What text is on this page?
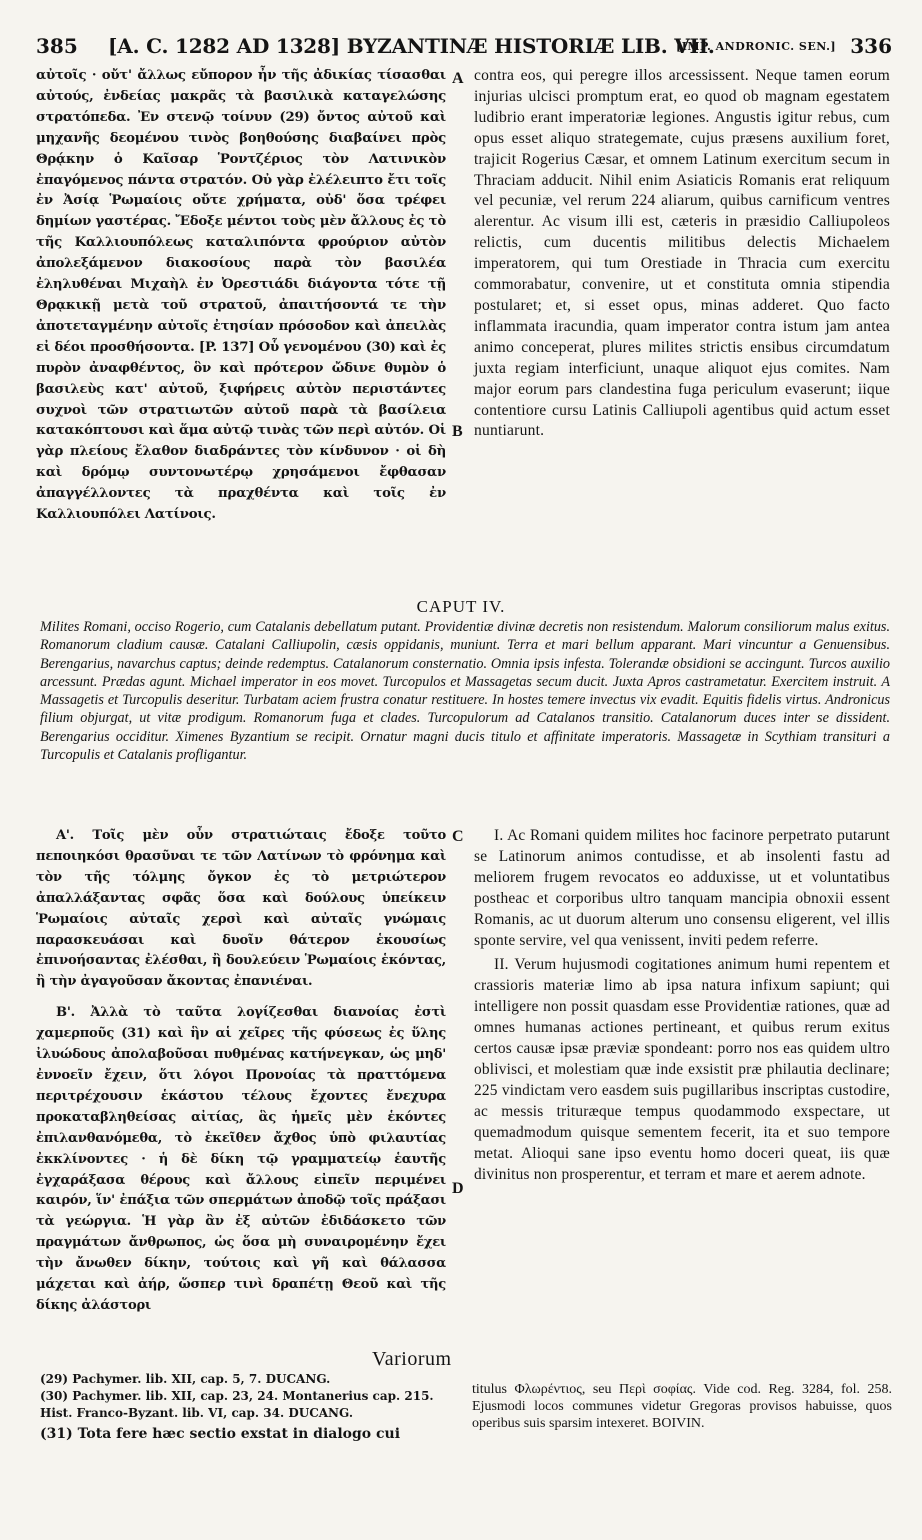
385 [A. C. 1282 AD 1328] BYZANTINÆ HISTORIÆ LIB. VII.
[IMP. ANDRONIC. SEN.] 336

αὐτοῖς · οὔτ' ἄλλως εὔπορον ἦν τῆς ἀδικίας τίσασθαι αὐτούς, ἐνδείας μακρᾶς τὰ βασιλικὰ καταγελώσης στρατόπεδα. Ἐν στενῷ τοίνυν (29) ὄντος αὐτοῦ καὶ μηχανῆς δεομένου τινὸς βοηθούσης διαβαίνει πρὸς Θρᾴκην ὁ Καῖσαρ Ῥοντζέριος τὸν Λατινικὸν ἐπαγόμενος πάντα στρατόν. Οὐ γὰρ ἐλέλειπτο ἔτι τοῖς ἐν Ἀσίᾳ Ῥωμαίοις οὔτε χρήματα, οὐδ' ὅσα τρέφει δημίων γαστέρας. Ἔδοξε μέντοι τοὺς μὲν ἄλλους ἐς τὸ τῆς Καλλιουπόλεως καταλιπόντα φρούριον αὐτὸν ἀπολεξάμενον διακοσίους παρὰ τὸν βασιλέα ἐληλυθέναι Μιχαὴλ ἐν Ὀρεστιάδι διάγοντα τότε τῇ Θρᾳκικῇ μετὰ τοῦ στρατοῦ, ἀπαιτήσοντά τε τὴν ἀποτεταγμένην αὐτοῖς ἐτησίαν πρόσοδον καὶ ἀπειλὰς εἰ δέοι προσθήσοντα. [P. 137] Οὗ γενομένου (30) καὶ ἐς πυρὸν ἀναφθέντος, ὃν καὶ πρότερον ὤδινε θυμὸν ὁ βασιλεὺς κατ' αὐτοῦ, ξιφήρεις αὐτὸν περιστάντες συχνοὶ τῶν στρατιωτῶν αὐτοῦ παρὰ τὰ βασίλεια κατακόπτουσι καὶ ἅμα αὐτῷ τινὰς τῶν περὶ αὐτόν. Οἱ γὰρ πλείους ἔλαθον διαδράντες τὸν κίνδυνον · οἱ δὴ καὶ δρόμῳ συντονωτέρῳ χρησάμενοι ἔφθασαν ἀπαγγέλλοντες τὰ πραχθέντα καὶ τοῖς ἐν Καλλιουπόλει Λατίνοις.

A
B

contra eos, qui peregre illos arcessissent. Neque tamen eorum injurias ulcisci promptum erat, eo quod ob magnam egestatem ludibrio erant imperatoriæ legiones. Angustis igitur rebus, cum opus esset aliquo strategemate, cujus præsens auxilium foret, trajicit Rogerius Cæsar, et omnem Latinum exercitum secum in Thraciam adducit. Nihil enim Asiaticis Romanis erat reliquum vel pecuniæ, vel rerum 224 aliarum, quibus carnificum ventres alerentur. Ac visum illi est, cæteris in præsidio Calliupoleos relictis, cum ducentis militibus delectis Michaelem imperatorem, qui tum Orestiade in Thracia cum exercitu commorabatur, convenire, ut et constituta omnia stipendia postularet; et, si esset opus, minas adderet. Quo facto inflammata iracundia, quam imperator contra istum jam antea animo conceperat, plures milites strictis ensibus circumdatum juxta regiam interficiunt, unaque aliquot ejus comites. Nam major eorum pars clandestina fuga periculum evaserunt; iique contentiore cursu Latinis Calliupoli agentibus quid actum esset nuntiarunt.

CAPUT IV.
Milites Romani, occiso Rogerio, cum Catalanis debellatum putant. Providentiæ divinæ decretis non resistendum. Malorum consiliorum malus exitus. Romanorum cladium causæ. Catalani Calliupolin, cæsis oppidanis, muniunt. Terra et mari bellum apparant. Mari vincuntur a Genuensibus. Berengarius, navarchus captus; deinde redemptus. Catalanorum consternatio. Omnia ipsis infesta. Tolerandæ obsidioni se accingunt. Turcos auxilio arcessunt. Prædas agunt. Michael imperator in eos movet. Turcopulos et Massagetas secum ducit. Juxta Apros castrametatur. Exercitem instruit. A Massagetis et Turcopulis deseritur. Turbatam aciem frustra conatur restituere. In hostes temere invectus vix evadit. Equitis fidelis virtus. Andronicus filium objurgat, ut vitæ prodigum. Romanorum fuga et clades. Turcopulorum ad Catalanos transitio. Catalanorum duces inter se dissident. Berengarius occiditur. Ximenes Byzantium se recipit. Ornatur magni ducis titulo et affinitate imperatoris. Massagetæ in Scythiam transituri a Turcopulis et Catalanis profligantur.

Α'. Τοῖς μὲν οὖν στρατιώταις ἔδοξε τοῦτο πεποιηκόσι θρασῦναι τε τῶν Λατίνων τὸ φρόνημα καὶ τὸν τῆς τόλμης ὄγκον ἐς τὸ μετριώτερον ἀπαλλάξαντας σφᾶς ὅσα καὶ δούλους ὑπείκειν Ῥωμαίοις αὐταῖς χερσὶ καὶ αὐταῖς γνώμαις παρασκευάσαι καὶ δυοῖν θάτερον ἑκουσίως ἐπινοήσαντας ἐλέσθαι, ἢ δουλεύειν Ῥωμαίοις ἑκόντας, ἢ τὴν ἀγαγοῦσαν ἄκοντας ἐπανιέναι.

Β'. Ἀλλὰ τὸ ταῦτα λογίζεσθαι διανοίας ἐστὶ χαμερποῦς (31) καὶ ἣν αἱ χεῖρες τῆς φύσεως ἐς ὕλης ἰλυώδους ἀπολαβοῦσαι πυθμένας κατήνεγκαν, ὡς μηδ' ἐννοεῖν ἔχειν, ὅτι λόγοι Προνοίας τὰ πραττόμενα περιτρέχουσιν ἑκάστου τέλους ἔχοντες ἔνεχυρα προκαταβληθείσας αἰτίας, ἃς ἡμεῖς μὲν ἑκόντες ἐπιλανθανόμεθα, τὸ ἐκεῖθεν ἄχθος ὑπὸ φιλαυτίας ἐκκλίνοντες · ἡ δὲ δίκη τῷ γραμματείῳ ἑαυτῆς ἐγχαράξασα θέρους καὶ ἄλλους εἰπεῖν περιμένει καιρόν, ἵν' ἐπάξια τῶν σπερμάτων ἀποδῷ τοῖς πράξασι τὰ γεώργια. Ἡ γὰρ ἂν ἐξ αὐτῶν ἐδιδάσκετο τῶν πραγμάτων ἄνθρωπος, ὡς ὅσα μὴ συναιρομένην ἔχει τὴν ἄνωθεν δίκην, τούτοις καὶ γῆ καὶ θάλασσα μάχεται καὶ ἀήρ, ὥσπερ τινὶ δραπέτῃ Θεοῦ καὶ τῆς δίκης ἀλάστορι

C
D

I. Ac Romani quidem milites hoc facinore perpetrato putarunt se Latinorum animos contudisse, et ab insolenti fastu ad meliorem frugem revocatos eo adduxisse, ut et voluntatibus postheac et corporibus ultro tanquam mancipia obnoxii essent Romanis, ac ut duorum alterum uno consensu eligerent, vel illis sponte servire, vel qua venissent, inviti pedem referre.

II. Verum hujusmodi cogitationes animum humi repentem et crassioris materiæ limo ab ipsa natura infixum sapiunt; qui intelligere non possit quasdam esse Providentiæ rationes, quæ ad omnes humanas actiones pertineant, et quibus rerum exitus certos causæ ipsæ præviæ spondeant: porro nos eas quidem ultro oblivisci, et molestiam quæ inde exsistit præ philautia declinare; 225 vindictam vero easdem suis pugillaribus inscriptas custodire, ac messis trituræque tempus quodammodo exspectare, ut quemadmodum quisque sementem fecerit, ita et suo tempore metat. Alioqui sane ipso eventu homo doceri queat, iis quæ divinitus non prosperentur, et terram et mare et aerem adnote.

Variorum

(29) Pachymer. lib. XII, cap. 5, 7. DUCANG.

(30) Pachymer. lib. XII, cap. 23, 24. Montanerius cap. 215. Hist. Franco-Byzant. lib. VI, cap. 34. DUCANG.

(31) Tota fere hæc sectio exstat in dialogo cui

titulus Φλωρέντιος, seu Περὶ σοφίας. Vide cod. Reg. 3284, fol. 258. Ejusmodi locos communes videtur Gregoras provisos habuisse, quos operibus suis sparsim intexeret. BOIVIN.
